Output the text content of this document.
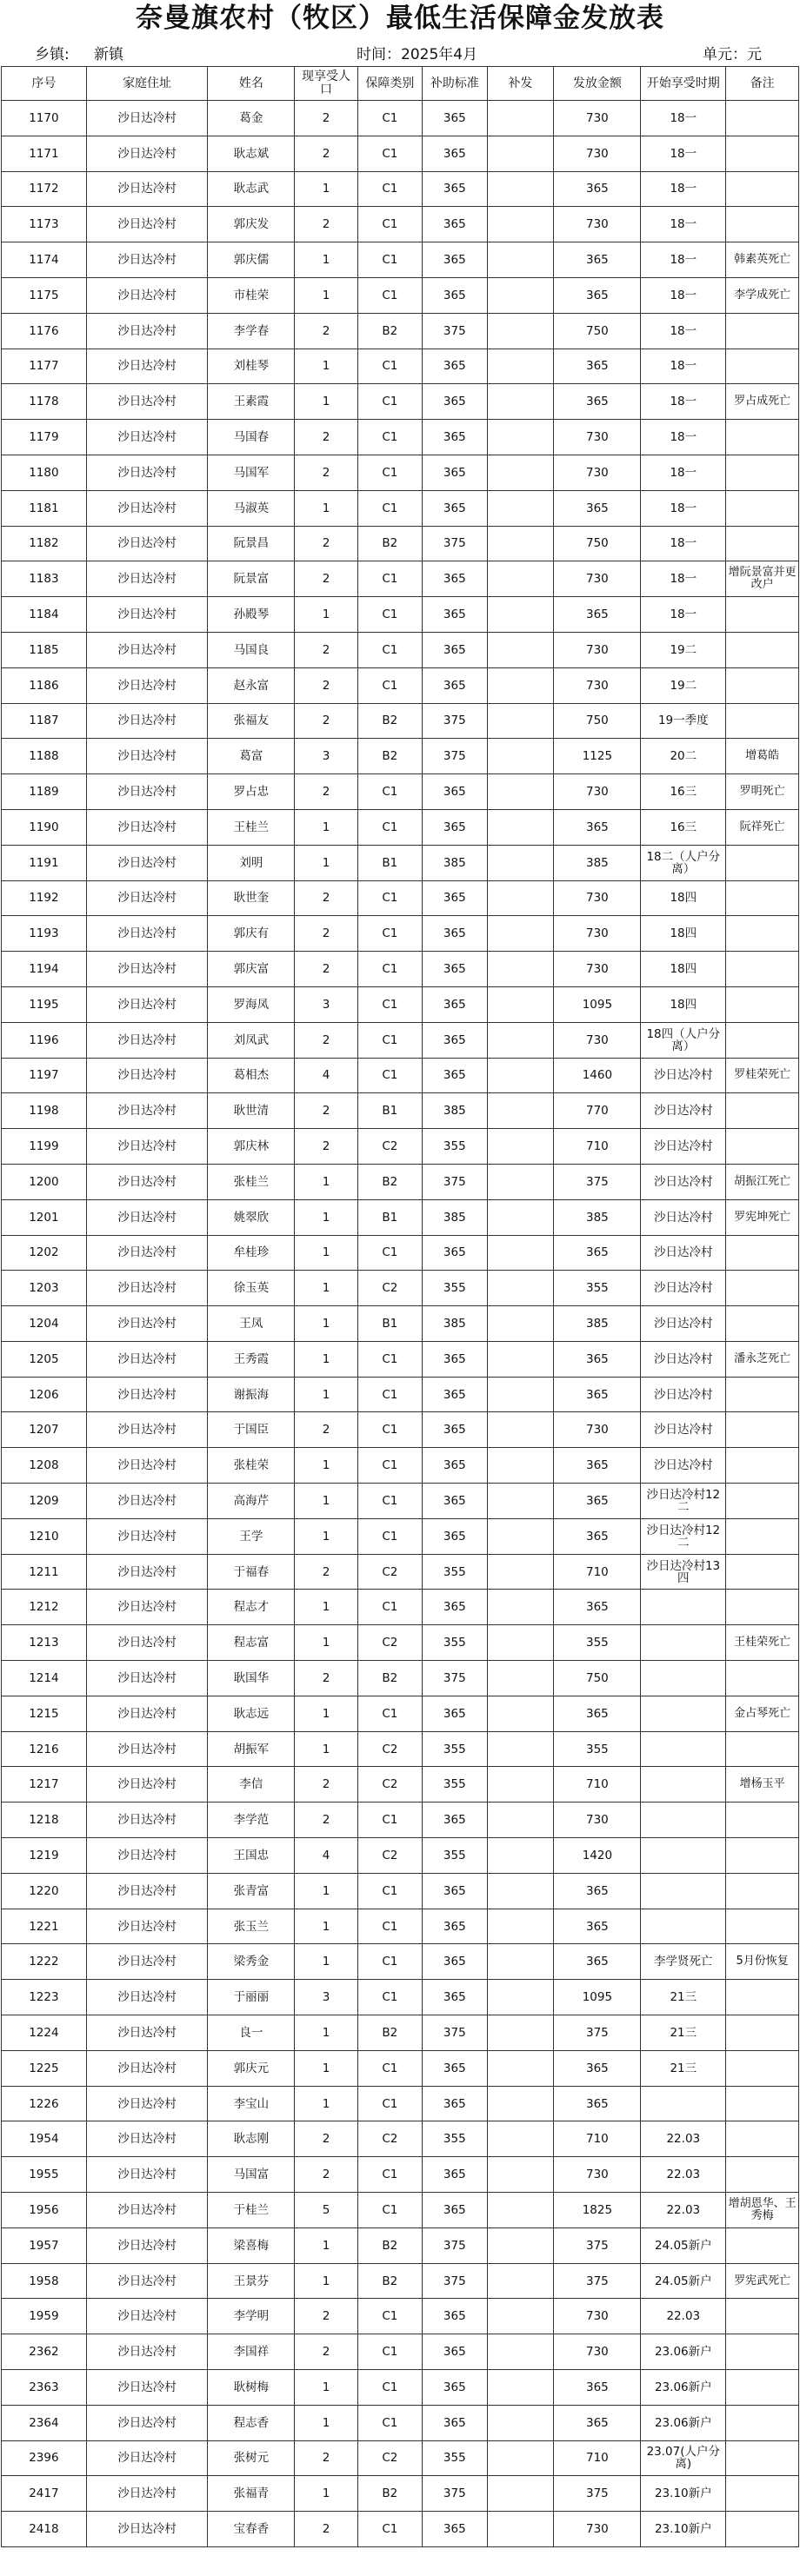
奈曼旗农村（牧区）最低生活保障金发放表
乡镇: 新镇	时间：2025年4月	单元：元
序号	家庭住址	姓名	现享受人口	保障类别	补助标准	补发	发放金额	开始享受时期	备注
1170	沙日达冷村	葛金	2	C1	365		730	18一	
1171	沙日达冷村	耿志斌	2	C1	365		730	18一	
1172	沙日达冷村	耿志武	1	C1	365		365	18一	
1173	沙日达冷村	郭庆发	2	C1	365		730	18一	
1174	沙日达冷村	郭庆儒	1	C1	365		365	18一	韩素英死亡
1175	沙日达冷村	市桂荣	1	C1	365		365	18一	李学成死亡
1176	沙日达冷村	李学春	2	B2	375		750	18一	
1177	沙日达冷村	刘桂琴	1	C1	365		365	18一	
1178	沙日达冷村	王素霞	1	C1	365		365	18一	罗占成死亡
1179	沙日达冷村	马国春	2	C1	365		730	18一	
1180	沙日达冷村	马国军	2	C1	365		730	18一	
1181	沙日达冷村	马淑英	1	C1	365		365	18一	
1182	沙日达冷村	阮景昌	2	B2	375		750	18一	
1183	沙日达冷村	阮景富	2	C1	365		730	18一	增阮景富并更改户
1184	沙日达冷村	孙殿琴	1	C1	365		365	18一	
1185	沙日达冷村	马国良	2	C1	365		730	19二	
1186	沙日达冷村	赵永富	2	C1	365		730	19二	
1187	沙日达冷村	张福友	2	B2	375		750	19一季度	
1188	沙日达冷村	葛富	3	B2	375		1125	20二	增葛皓
1189	沙日达冷村	罗占忠	2	C1	365		730	16三	罗明死亡
1190	沙日达冷村	王桂兰	1	C1	365		365	16三	阮祥死亡
1191	沙日达冷村	刘明	1	B1	385		385	18二（人户分离）	
1192	沙日达冷村	耿世奎	2	C1	365		730	18四	
1193	沙日达冷村	郭庆有	2	C1	365		730	18四	
1194	沙日达冷村	郭庆富	2	C1	365		730	18四	
1195	沙日达冷村	罗海凤	3	C1	365		1095	18四	
1196	沙日达冷村	刘凤武	2	C1	365		730	18四（人户分离）	
1197	沙日达冷村	葛相杰	4	C1	365		1460	沙日达冷村	罗桂荣死亡
1198	沙日达冷村	耿世清	2	B1	385		770	沙日达冷村	
1199	沙日达冷村	郭庆林	2	C2	355		710	沙日达冷村	
1200	沙日达冷村	张桂兰	1	B2	375		375	沙日达冷村	胡振江死亡
1201	沙日达冷村	姚翠欣	1	B1	385		385	沙日达冷村	罗宪坤死亡
1202	沙日达冷村	牟桂珍	1	C1	365		365	沙日达冷村	
1203	沙日达冷村	徐玉英	1	C2	355		355	沙日达冷村	
1204	沙日达冷村	王凤	1	B1	385		385	沙日达冷村	
1205	沙日达冷村	王秀霞	1	C1	365		365	沙日达冷村	潘永芝死亡
1206	沙日达冷村	谢振海	1	C1	365		365	沙日达冷村	
1207	沙日达冷村	于国臣	2	C1	365		730	沙日达冷村	
1208	沙日达冷村	张桂荣	1	C1	365		365	沙日达冷村	
1209	沙日达冷村	高海芹	1	C1	365		365	沙日达冷村12二	
1210	沙日达冷村	王学	1	C1	365		365	沙日达冷村12二	
1211	沙日达冷村	于福春	2	C2	355		710	沙日达冷村13四	
1212	沙日达冷村	程志才	1	C1	365		365		
1213	沙日达冷村	程志富	1	C2	355		355		王桂荣死亡
1214	沙日达冷村	耿国华	2	B2	375		750		
1215	沙日达冷村	耿志远	1	C1	365		365		金占琴死亡
1216	沙日达冷村	胡振军	1	C2	355		355		
1217	沙日达冷村	李信	2	C2	355		710		增杨玉平
1218	沙日达冷村	李学范	2	C1	365		730		
1219	沙日达冷村	王国忠	4	C2	355		1420		
1220	沙日达冷村	张青富	1	C1	365		365		
1221	沙日达冷村	张玉兰	1	C1	365		365		
1222	沙日达冷村	梁秀金	1	C1	365		365	李学贤死亡	5月份恢复
1223	沙日达冷村	于丽丽	3	C1	365		1095	21三	
1224	沙日达冷村	良一	1	B2	375		375	21三	
1225	沙日达冷村	郭庆元	1	C1	365		365	21三	
1226	沙日达冷村	李宝山	1	C1	365		365		
1954	沙日达冷村	耿志刚	2	C2	355		710	22.03	
1955	沙日达冷村	马国富	2	C1	365		730	22.03	
1956	沙日达冷村	于桂兰	5	C1	365		1825	22.03	增胡恩华、王秀梅
1957	沙日达冷村	梁喜梅	1	B2	375		375	24.05新户	
1958	沙日达冷村	王景芬	1	B2	375		375	24.05新户	罗宪武死亡
1959	沙日达冷村	李学明	2	C1	365		730	22.03	
2362	沙日达冷村	李国祥	2	C1	365		730	23.06新户	
2363	沙日达冷村	耿树梅	1	C1	365		365	23.06新户	
2364	沙日达冷村	程志香	1	C1	365		365	23.06新户	
2396	沙日达冷村	张树元	2	C2	355		710	23.07(人户分离)	
2417	沙日达冷村	张福青	1	B2	375		375	23.10新户	
2418	沙日达冷村	宝春香	2	C1	365		730	23.10新户	
